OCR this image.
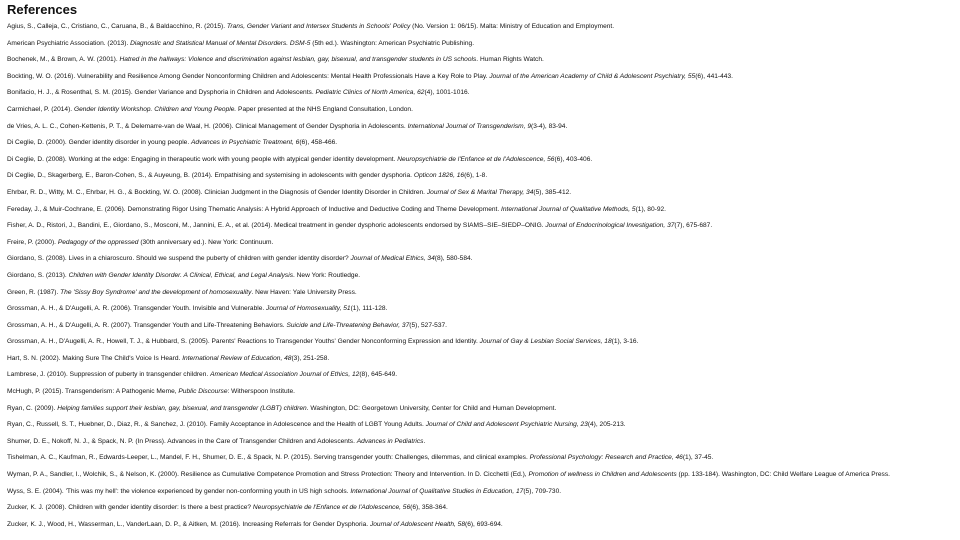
References
Agius, S., Calleja, C., Cristiano, C., Caruana, B., & Baldacchino, R. (2015). Trans, Gender Variant and Intersex Students in Schools' Policy (No. Version 1: 06/15). Malta: Ministry of Education and Employment.
American Psychiatric Association. (2013). Diagnostic and Statistical Manual of Mental Disorders. DSM-5 (5th ed.). Washington: American Psychiatric Publishing.
Bochenek, M., & Brown, A. W. (2001). Hatred in the hallways: Violence and discrimination against lesbian, gay, bisexual, and transgender students in US schools. Human Rights Watch.
Bockting, W. O. (2016). Vulnerability and Resilience Among Gender Nonconforming Children and Adolescents: Mental Health Professionals Have a Key Role to Play. Journal of the American Academy of Child & Adolescent Psychiatry, 55(6), 441-443.
Bonifacio, H. J., & Rosenthal, S. M. (2015). Gender Variance and Dysphoria in Children and Adolescents. Pediatric Clinics of North America, 62(4), 1001-1016.
Carmichael, P. (2014). Gender Identity Workshop. Children and Young People. Paper presented at the NHS England Consultation, London.
de Vries, A. L. C., Cohen-Kettenis, P. T., & Delemarre-van de Waal, H. (2006). Clinical Management of Gender Dysphoria in Adolescents. International Journal of Transgenderism, 9(3-4), 83-94.
Di Ceglie, D. (2000). Gender identity disorder in young people. Advances in Psychiatric Treatment, 6(6), 458-466.
Di Ceglie, D. (2008). Working at the edge: Engaging in therapeutic work with young people with atypical gender identity development. Neuropsychiatrie de l'Enfance et de l'Adolescence, 56(6), 403-406.
Di Ceglie, D., Skagerberg, E., Baron-Cohen, S., & Auyeung, B. (2014). Empathising and systemising in adolescents with gender dysphoria. Opticon 1826, 16(6), 1-8.
Ehrbar, R. D., Witty, M. C., Ehrbar, H. G., & Bockting, W. O. (2008). Clinician Judgment in the Diagnosis of Gender Identity Disorder in Children. Journal of Sex & Marital Therapy, 34(5), 385-412.
Fereday, J., & Muir-Cochrane, E. (2006). Demonstrating Rigor Using Thematic Analysis: A Hybrid Approach of Inductive and Deductive Coding and Theme Development. International Journal of Qualitative Methods, 5(1), 80-92.
Fisher, A. D., Ristori, J., Bandini, E., Giordano, S., Mosconi, M., Jannini, E. A., et al. (2014). Medical treatment in gender dysphoric adolescents endorsed by SIAMS–SIE–SIEDP–ONIG. Journal of Endocrinological Investigation, 37(7), 675-687.
Freire, P. (2000). Pedagogy of the oppressed (30th anniversary ed.). New York: Continuum.
Giordano, S. (2008). Lives in a chiaroscuro. Should we suspend the puberty of children with gender identity disorder? Journal of Medical Ethics, 34(8), 580-584.
Giordano, S. (2013). Children with Gender Identity Disorder. A Clinical, Ethical, and Legal Analysis. New York: Routledge.
Green, R. (1987). The 'Sissy Boy Syndrome' and the development of homosexuality. New Haven: Yale University Press.
Grossman, A. H., & D'Augelli, A. R. (2006). Transgender Youth. Invisible and Vulnerable. Journal of Homosexuality, 51(1), 111-128.
Grossman, A. H., & D'Augelli, A. R. (2007). Transgender Youth and Life-Threatening Behaviors. Suicide and Life-Threatening Behavior, 37(5), 527-537.
Grossman, A. H., D'Augelli, A. R., Howell, T. J., & Hubbard, S. (2005). Parents' Reactions to Transgender Youths' Gender Nonconforming Expression and Identity. Journal of Gay & Lesbian Social Services, 18(1), 3-16.
Hart, S. N. (2002). Making Sure The Child's Voice Is Heard. International Review of Education, 48(3), 251-258.
Lambrese, J. (2010). Suppression of puberty in transgender children. American Medical Association Journal of Ethics, 12(8), 645-649.
McHugh, P. (2015). Transgenderism: A Pathogenic Meme, Public Discourse: Witherspoon Institute.
Ryan, C. (2009). Helping families support their lesbian, gay, bisexual, and transgender (LGBT) children. Washington, DC: Georgetown University, Center for Child and Human Development.
Ryan, C., Russell, S. T., Huebner, D., Diaz, R., & Sanchez, J. (2010). Family Acceptance in Adolescence and the Health of LGBT Young Adults. Journal of Child and Adolescent Psychiatric Nursing, 23(4), 205-213.
Shumer, D. E., Nokoff, N. J., & Spack, N. P. (In Press). Advances in the Care of Transgender Children and Adolescents. Advances in Pediatrics.
Tishelman, A. C., Kaufman, R., Edwards-Leeper, L., Mandel, F. H., Shumer, D. E., & Spack, N. P. (2015). Serving transgender youth: Challenges, dilemmas, and clinical examples. Professional Psychology: Research and Practice, 46(1), 37-45.
Wyman, P. A., Sandler, I., Wolchik, S., & Nelson, K. (2000). Resilience as Cumulative Competence Promotion and Stress Protection: Theory and Intervention. In D. Cicchetti (Ed.), Promotion of wellness in Children and Adolescents (pp. 133-184). Washington, DC: Child Welfare League of America Press.
Wyss, S. E. (2004). 'This was my hell': the violence experienced by gender non-conforming youth in US high schools. International Journal of Qualitative Studies in Education, 17(5), 709-730.
Zucker, K. J. (2008). Children with gender identity disorder: Is there a best practice? Neuropsychiatrie de l'Enfance et de l'Adolescence, 56(6), 358-364.
Zucker, K. J., Wood, H., Wasserman, L., VanderLaan, D. P., & Aitken, M. (2016). Increasing Referrals for Gender Dysphoria. Journal of Adolescent Health, 58(6), 693-694.
